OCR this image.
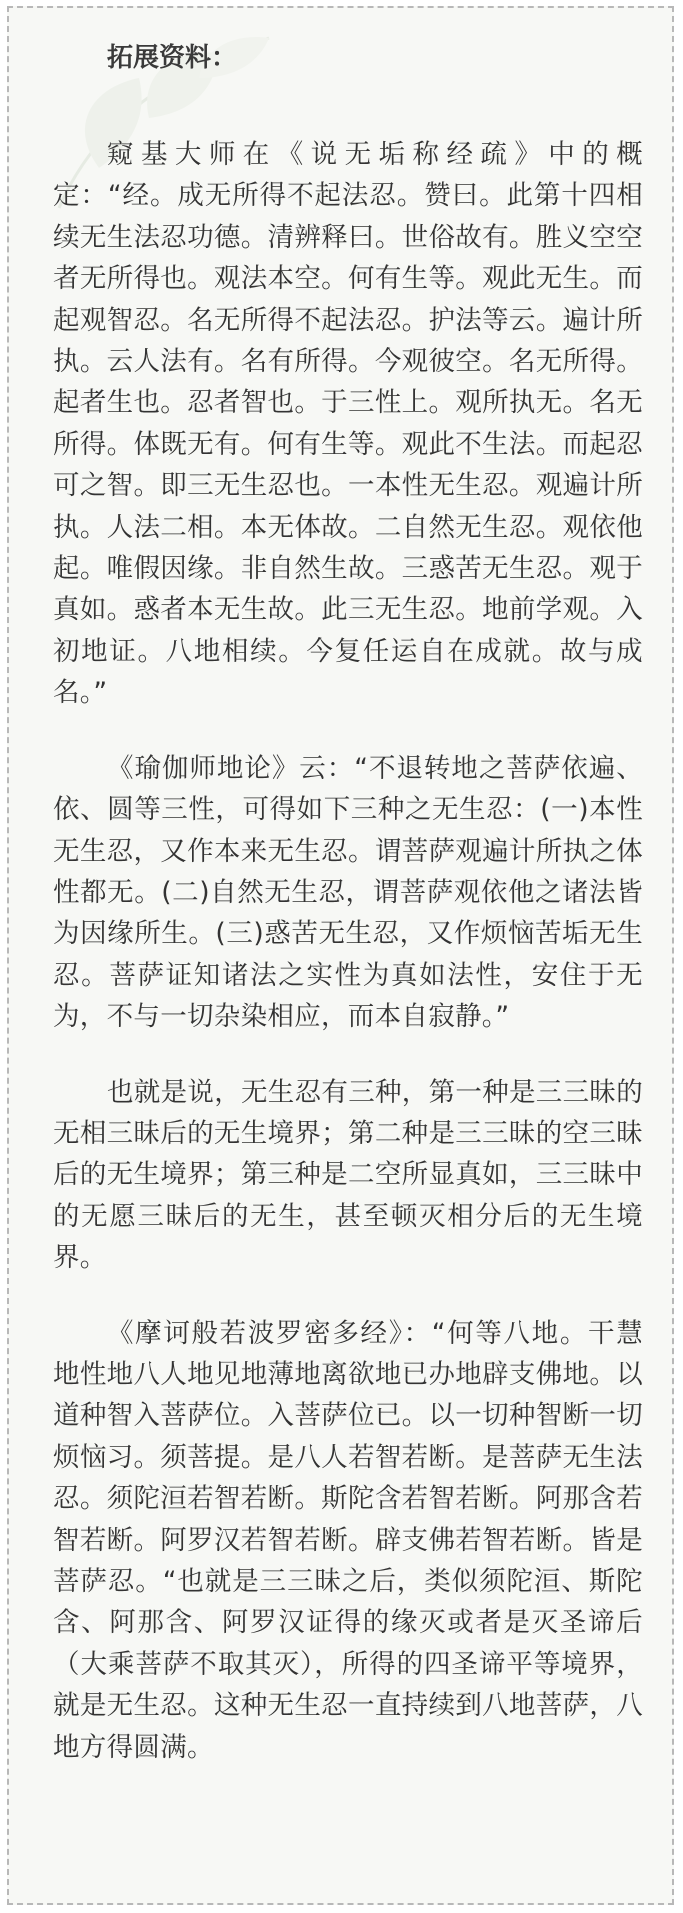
拓展资料：

窥基大师在《说无垢称经疏》中的概定：“经。成无所得不起法忍。赞曰。此第十四相续无生法忍功德。清辨释曰。世俗故有。胜义空空者无所得也。观法本空。何有生等。观此无生。而起观智忍。名无所得不起法忍。护法等云。遍计所执。云人法有。名有所得。今观彼空。名无所得。起者生也。忍者智也。于三性上。观所执无。名无所得。体既无有。何有生等。观此不生法。而起忍可之智。即三无生忍也。一本性无生忍。观遍计所执。人法二相。本无体故。二自然无生忍。观依他起。唯假因缘。非自然生故。三惑苦无生忍。观于真如。惑者本无生故。此三无生忍。地前学观。入初地证。八地相续。今复任运自在成就。故与成名。”

《瑜伽师地论》云：“不退转地之菩萨依遍、依、圆等三性，可得如下三种之无生忍：(一)本性无生忍，又作本来无生忍。谓菩萨观遍计所执之体性都无。(二)自然无生忍，谓菩萨观依他之诸法皆为因缘所生。(三)惑苦无生忍，又作烦恼苦垢无生忍。菩萨证知诸法之实性为真如法性，安住于无为，不与一切杂染相应，而本自寂静。”

也就是说，无生忍有三种，第一种是三三昧的无相三昧后的无生境界；第二种是三三昧的空三昧后的无生境界；第三种是二空所显真如，三三昧中的无愿三昧后的无生，甚至顿灭相分后的无生境界。

《摩诃般若波罗密多经》：“何等八地。干慧地性地八人地见地薄地离欲地已办地辟支佛地。以道种智入菩萨位。入菩萨位已。以一切种智断一切烦恼习。须菩提。是八人若智若断。是菩萨无生法忍。须陀洹若智若断。斯陀含若智若断。阿那含若智若断。阿罗汉若智若断。辟支佛若智若断。皆是菩萨忍。“也就是三三昧之后，类似须陀洹、斯陀含、阿那含、阿罗汉证得的缘灭或者是灭圣谛后（大乘菩萨不取其灭），所得的四圣谛平等境界，就是无生忍。这种无生忍一直持续到八地菩萨，八地方得圆满。
